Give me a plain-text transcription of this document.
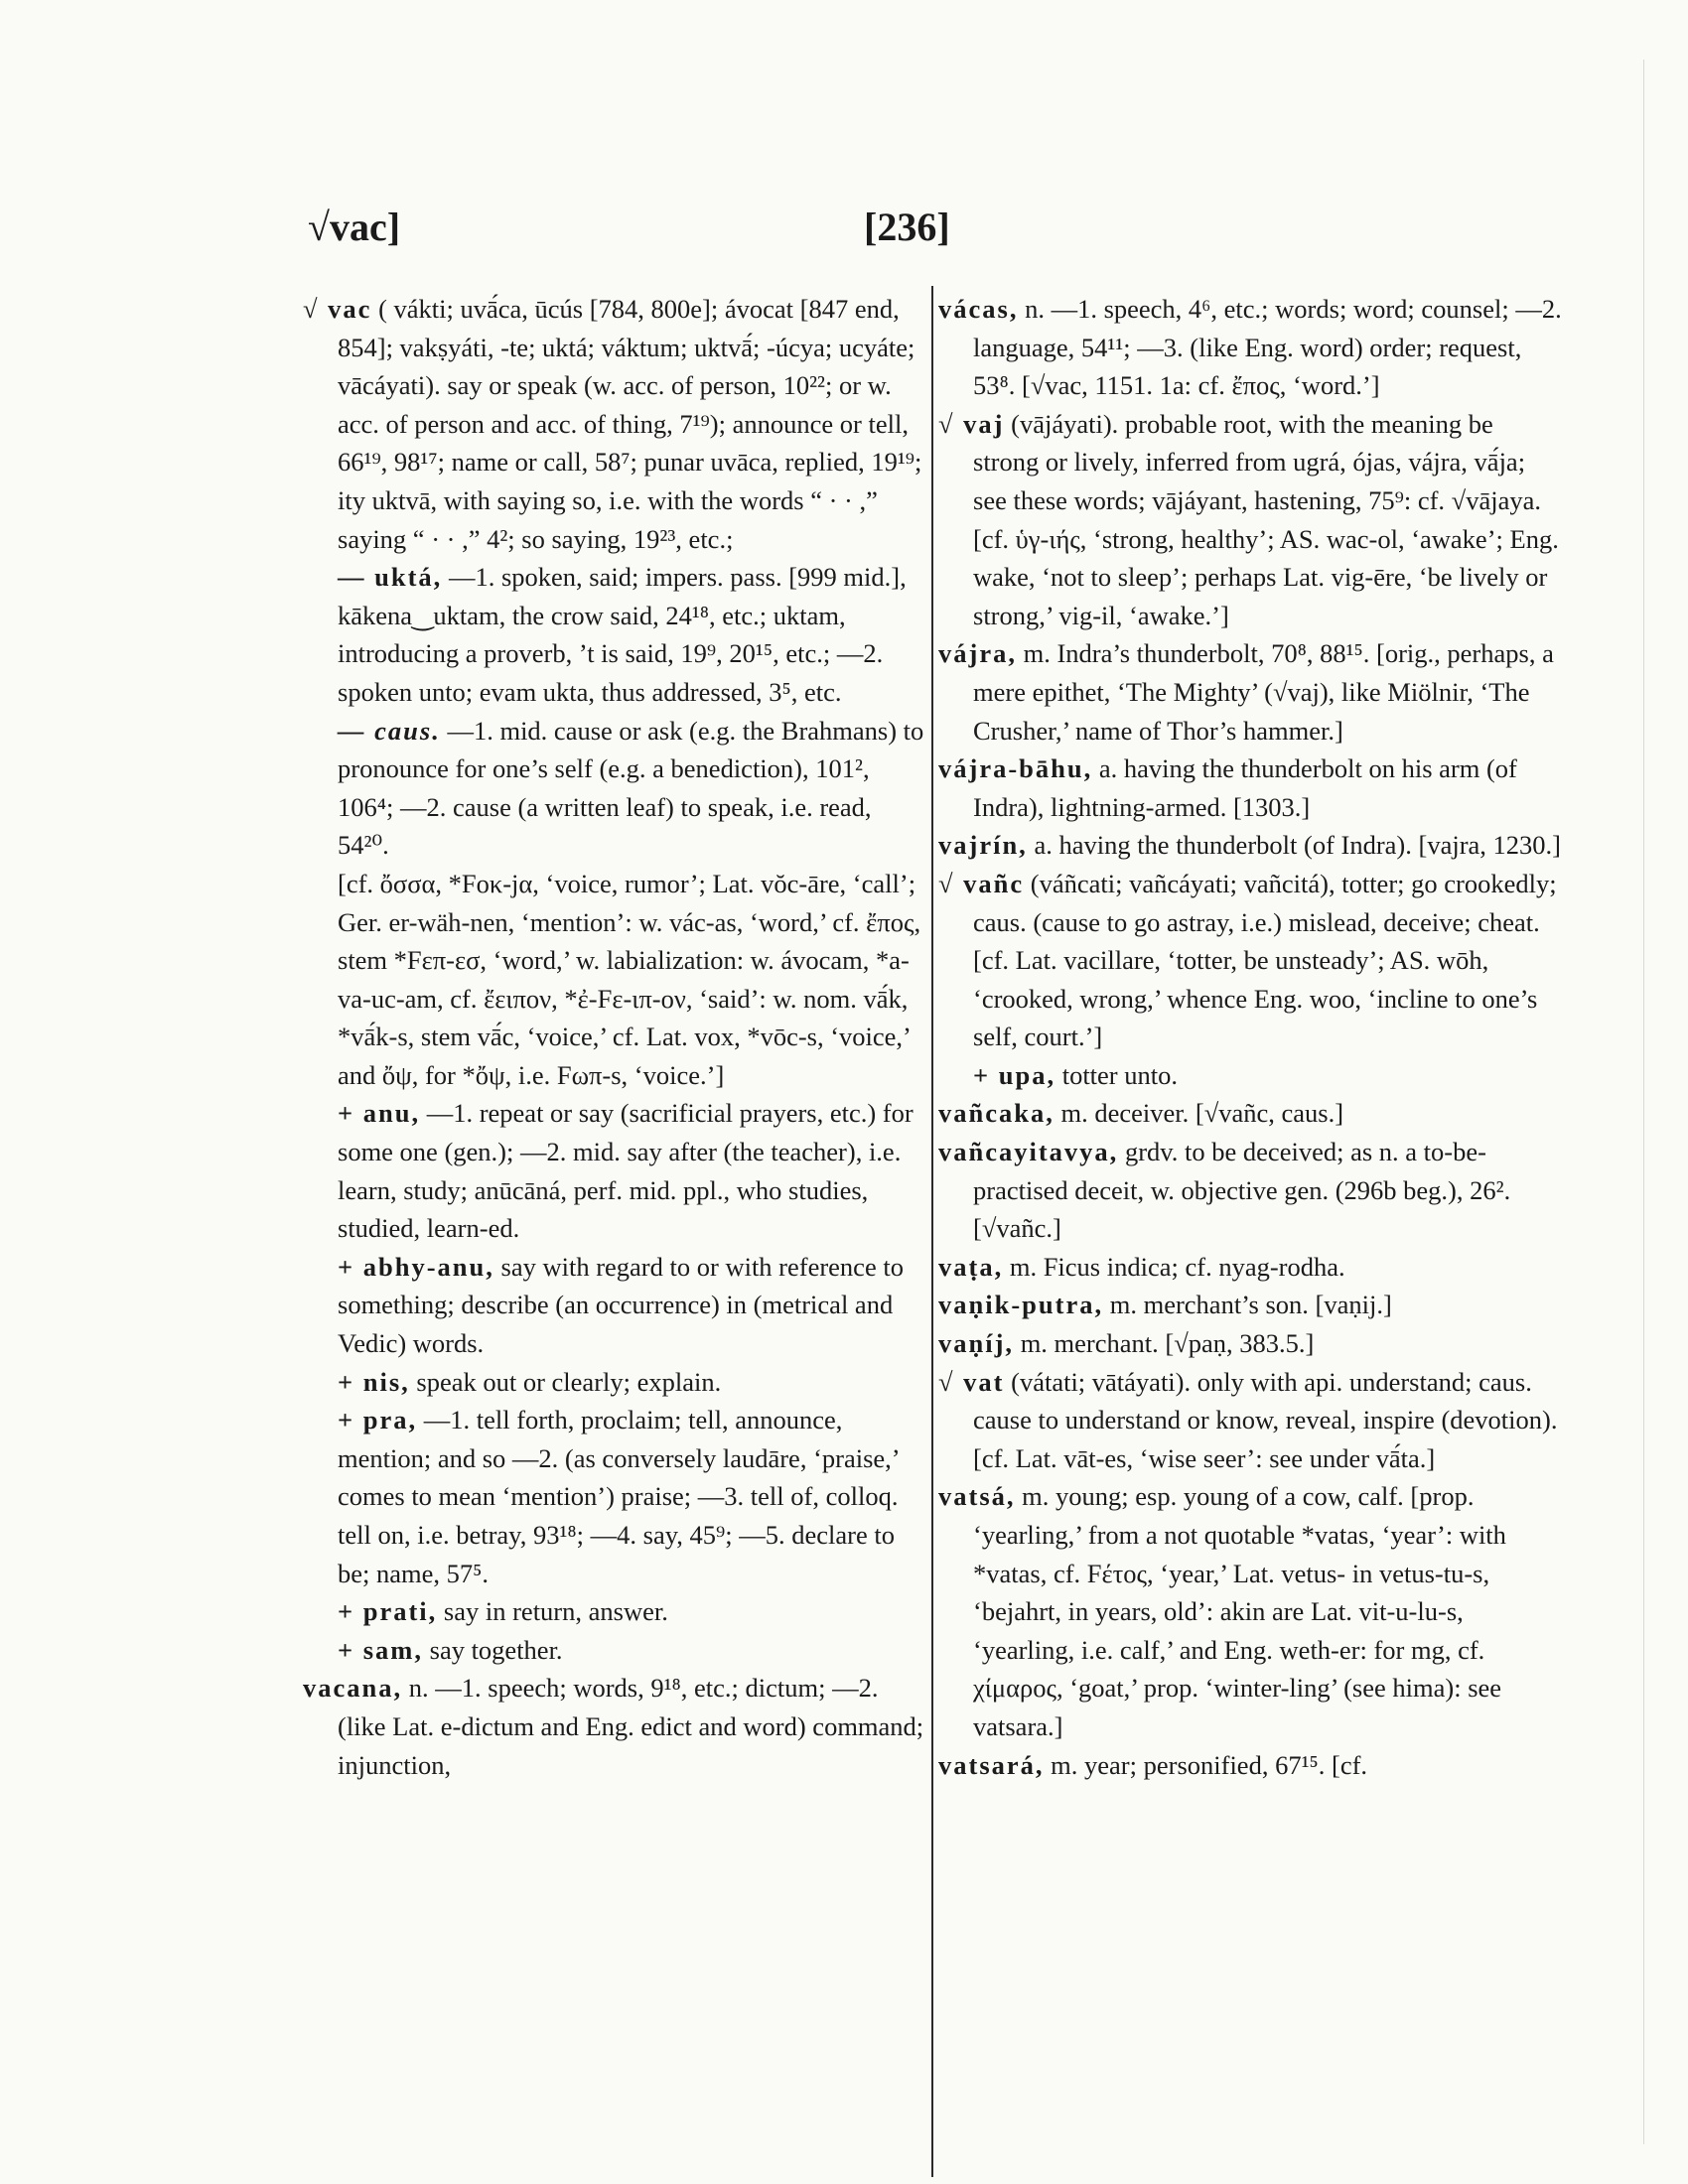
√vac]	[236]

√ vac ( vákti; uvā́ca, ūcús [784, 800e]; ávocat [847 end, 854]; vakṣyáti, -te; uktá; váktum; uktvā́; -úcya; ucyáte; vācáyati). say or speak (w. acc. of person, 10²²; or w. acc. of person and acc. of thing, 7¹⁹); announce or tell, 66¹⁹, 98¹⁷; name or call, 58⁷; punar uvāca, replied, 19¹⁹; ity uktvā, with saying so, i.e. with the words “ · · ,” saying “ · · ,” 4²; so saying, 19²³, etc.;

— uktá, —1. spoken, said; impers. pass. [999 mid.], kākena‿uktam, the crow said, 24¹⁸, etc.; uktam, introducing a proverb, ’t is said, 19⁹, 20¹⁵, etc.; —2. spoken unto; evam ukta, thus addressed, 3⁵, etc.

— caus. —1. mid. cause or ask (e.g. the Brahmans) to pronounce for one’s self (e.g. a benediction), 101², 106⁴; —2. cause (a written leaf) to speak, i.e. read, 54²⁰.

[cf. ὄσσα, *Fοκ-jα, ‘voice, rumor’; Lat. vŏc-āre, ‘call’; Ger. er-wäh-nen, ‘mention’: w. vác-as, ‘word,’ cf. ἔπος, stem *Fεπ-εσ, ‘word,’ w. labialization: w. ávocam, *a-va-uc-am, cf. ἔειπον, *ἐ-Fε-ιπ-ον, ‘said’: w. nom. vā́k, *vā́k-s, stem vā́c, ‘voice,’ cf. Lat. vox, *vōc-s, ‘voice,’ and ὄψ, for *ὄψ, i.e. Fωπ-s, ‘voice.’]

+ anu, —1. repeat or say (sacrificial prayers, etc.) for some one (gen.); —2. mid. say after (the teacher), i.e. learn, study; anūcāná, perf. mid. ppl., who studies, studied, learn-ed.

+ abhy-anu, say with regard to or with reference to something; describe (an occurrence) in (metrical and Vedic) words.

+ nis, speak out or clearly; explain.

+ pra, —1. tell forth, proclaim; tell, announce, mention; and so —2. (as conversely laudāre, ‘praise,’ comes to mean ‘mention’) praise; —3. tell of, colloq. tell on, i.e. betray, 93¹⁸; —4. say, 45⁹; —5. declare to be; name, 57⁵.

+ prati, say in return, answer.

+ sam, say together.

vacana, n. —1. speech; words, 9¹⁸, etc.; dictum; —2. (like Lat. e-dictum and Eng. edict and word) command; injunction,

vácas, n. —1. speech, 4⁶, etc.; words; word; counsel; —2. language, 54¹¹; —3. (like Eng. word) order; request, 53⁸. [√vac, 1151. 1a: cf. ἔπος, ‘word.’]

√ vaj (vājáyati). probable root, with the meaning be strong or lively, inferred from ugrá, ójas, vájra, vā́ja; see these words; vājáyant, hastening, 75⁹: cf. √vājaya. [cf. ὑγ-ιής, ‘strong, healthy’; AS. wac-ol, ‘awake’; Eng. wake, ‘not to sleep’; perhaps Lat. vig-ēre, ‘be lively or strong,’ vig-il, ‘awake.’]

vájra, m. Indra’s thunderbolt, 70⁸, 88¹⁵. [orig., perhaps, a mere epithet, ‘The Mighty’ (√vaj), like Miölnir, ‘The Crusher,’ name of Thor’s hammer.]

vájra-bāhu, a. having the thunderbolt on his arm (of Indra), lightning-armed. [1303.]

vajrín, a. having the thunderbolt (of Indra). [vajra, 1230.]

√ vañc (váñcati; vañcáyati; vañcitá), totter; go crookedly; caus. (cause to go astray, i.e.) mislead, deceive; cheat. [cf. Lat. vacillare, ‘totter, be unsteady’; AS. wōh, ‘crooked, wrong,’ whence Eng. woo, ‘incline to one’s self, court.’]

+ upa, totter unto.

vañcaka, m. deceiver. [√vañc, caus.]

vañcayitavya, grdv. to be deceived; as n. a to-be-practised deceit, w. objective gen. (296b beg.), 26². [√vañc.]

vaṭa, m. Ficus indica; cf. nyag-rodha.

vaṇik-putra, m. merchant’s son. [vaṇij.]

vaṇíj, m. merchant. [√paṇ, 383.5.]

√ vat (vátati; vātáyati). only with api. understand; caus. cause to understand or know, reveal, inspire (devotion). [cf. Lat. vāt-es, ‘wise seer’: see under vā́ta.]

vatsá, m. young; esp. young of a cow, calf. [prop. ‘yearling,’ from a not quotable *vatas, ‘year’: with *vatas, cf. Fέτος, ‘year,’ Lat. vetus- in vetus-tu-s, ‘bejahrt, in years, old’: akin are Lat. vit-u-lu-s, ‘yearling, i.e. calf,’ and Eng. weth-er: for mg, cf. χίμαρος, ‘goat,’ prop. ‘winter-ling’ (see hima): see vatsara.]

vatsará, m. year; personified, 67¹⁵. [cf.
